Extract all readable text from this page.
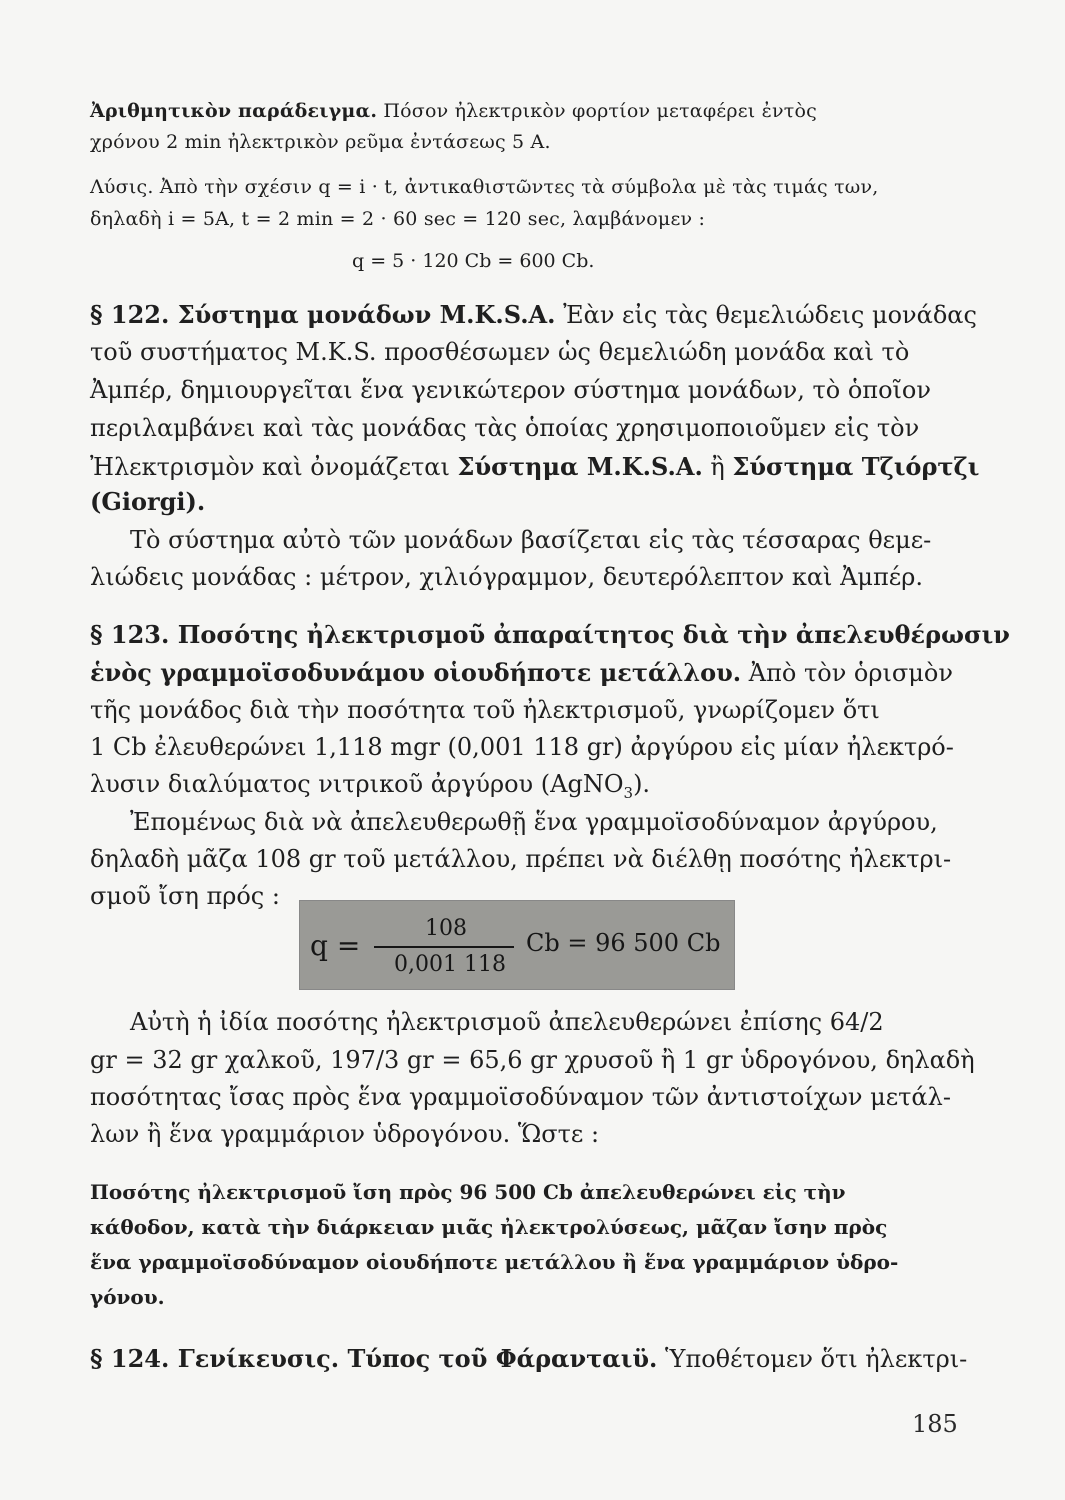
Ἀριθμητικὸν παράδειγμα. Πόσον ἠλεκτρικὸν φορτίον μεταφέρει ἐντὸς
χρόνου 2 min ἠλεκτρικὸν ρεῦμα ἐντάσεως 5 A.
Λύσις. Ἀπὸ τὴν σχέσιν q = i · t, ἀντικαθιστῶντες τὰ σύμβολα μὲ τὰς τιμάς των,
δηλαδὴ i = 5A, t = 2 min = 2 · 60 sec = 120 sec, λαμβάνομεν :
q = 5 · 120 Cb = 600 Cb.
§ 122. Σύστημα μονάδων M.K.S.A. Ἐὰν εἰς τὰς θεμελιώδεις μονάδας
τοῦ συστήματος M.K.S. προσθέσωμεν ὡς θεμελιώδη μονάδα καὶ τὸ
Ἀμπέρ, δημιουργεῖται ἕνα γενικώτερον σύστημα μονάδων, τὸ ὁποῖον
περιλαμβάνει καὶ τὰς μονάδας τὰς ὁποίας χρησιμοποιοῦμεν εἰς τὸν
Ἠλεκτρισμὸν καὶ ὀνομάζεται Σύστημα M.K.S.A. ἢ Σύστημα Τζιόρτζι
(Giorgi).
Τὸ σύστημα αὐτὸ τῶν μονάδων βασίζεται εἰς τὰς τέσσαρας θεμε-
λιώδεις μονάδας : μέτρον, χιλιόγραμμον, δευτερόλεπτον καὶ Ἀμπέρ.
§ 123. Ποσότης ἠλεκτρισμοῦ ἀπαραίτητος διὰ τὴν ἀπελευθέρωσιν
ἑνὸς γραμμοϊσοδυνάμου οἱουδήποτε μετάλλου. Ἀπὸ τὸν ὁρισμὸν
τῆς μονάδος διὰ τὴν ποσότητα τοῦ ἠλεκτρισμοῦ, γνωρίζομεν ὅτι
1 Cb ἐλευθερώνει 1,118 mgr (0,001 118 gr) ἀργύρου εἰς μίαν ἠλεκτρό-
λυσιν διαλύματος νιτρικοῦ ἀργύρου (AgNO$_3$).
Ἐπομένως διὰ νὰ ἀπελευθερωθῇ ἕνα γραμμοϊσοδύναμον ἀργύρου,
δηλαδὴ μᾶζα 108 gr τοῦ μετάλλου, πρέπει νὰ διέλθῃ ποσότης ἠλεκτρι-
σμοῦ ἴση πρός :
q =
108
0,001 118
Cb = 96 500 Cb
Αὐτὴ ἡ ἰδία ποσότης ἠλεκτρισμοῦ ἀπελευθερώνει ἐπίσης 64/2
gr = 32 gr χαλκοῦ, 197/3 gr = 65,6 gr χρυσοῦ ἢ 1 gr ὑδρογόνου, δηλαδὴ
ποσότητας ἴσας πρὸς ἕνα γραμμοϊσοδύναμον τῶν ἀντιστοίχων μετάλ-
λων ἢ ἕνα γραμμάριον ὑδρογόνου. Ὥστε :
Ποσότης ἠλεκτρισμοῦ ἴση πρὸς 96 500 Cb ἀπελευθερώνει εἰς τὴν
κάθοδον, κατὰ τὴν διάρκειαν μιᾶς ἠλεκτρολύσεως, μᾶζαν ἴσην πρὸς
ἕνα γραμμοϊσοδύναμον οἱουδήποτε μετάλλου ἢ ἕνα γραμμάριον ὑδρο-
γόνου.
§ 124. Γενίκευσις. Τύπος τοῦ Φάρανταιϋ. Ὑποθέτομεν ὅτι ἠλεκτρι-
185
